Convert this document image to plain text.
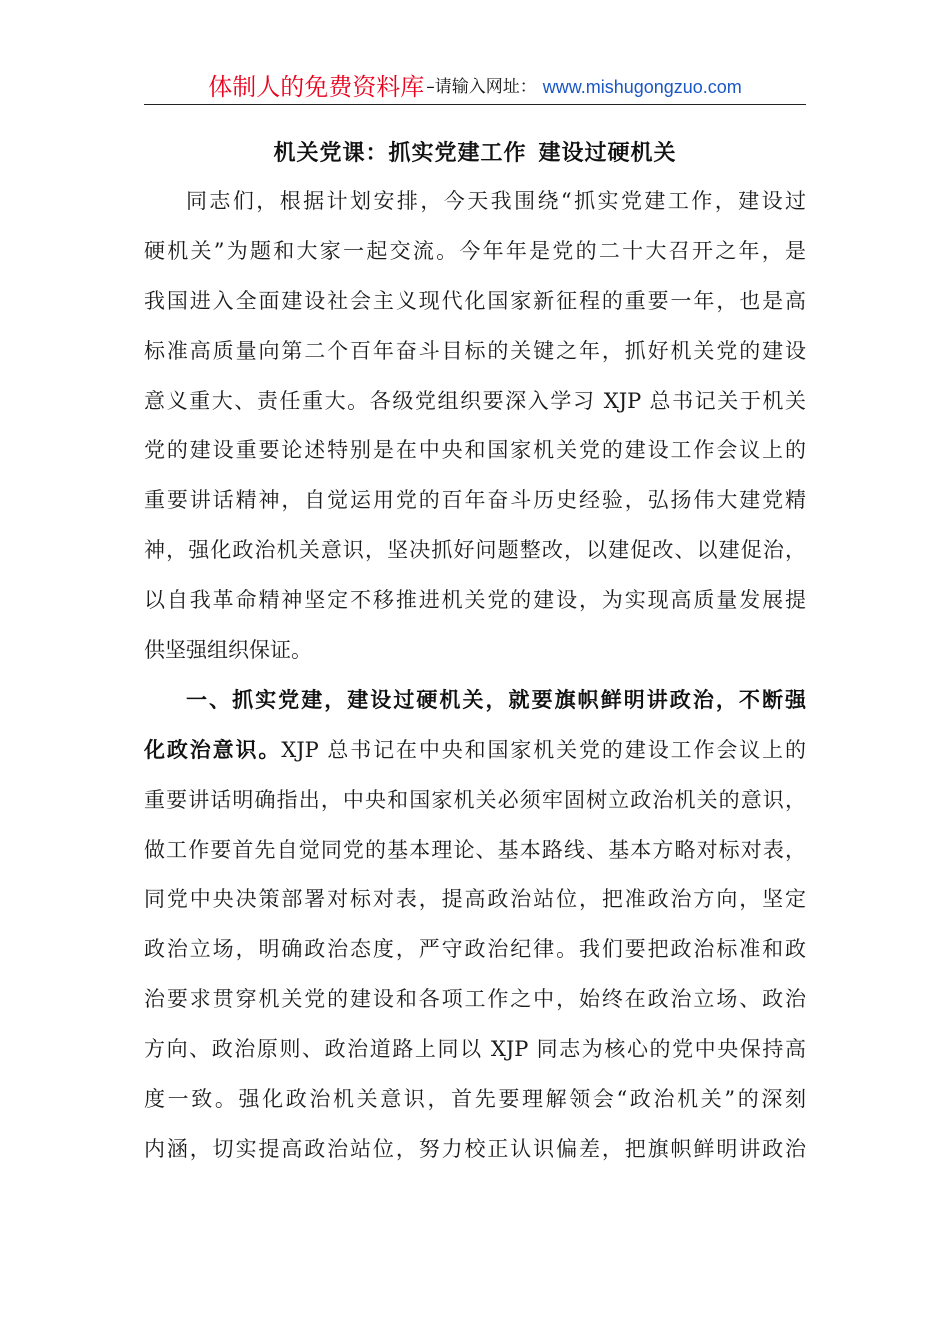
体制人的免费资料库 –请输入网址： www.mishugongzuo.com
机关党课：抓实党建工作 建设过硬机关
同志们，根据计划安排，今天我围绕“抓实党建工作，建设过
硬机关”为题和大家一起交流。今年年是党的二十大召开之年，是
我国进入全面建设社会主义现代化国家新征程的重要一年，也是高
标准高质量向第二个百年奋斗目标的关键之年，抓好机关党的建设
意义重大、责任重大。各级党组织要深入学习 XJP 总书记关于机关
党的建设重要论述特别是在中央和国家机关党的建设工作会议上的
重要讲话精神，自觉运用党的百年奋斗历史经验，弘扬伟大建党精
神，强化政治机关意识，坚决抓好问题整改，以建促改、以建促治，
以自我革命精神坚定不移推进机关党的建设，为实现高质量发展提
供坚强组织保证。
一、抓实党建，建设过硬机关，就要旗帜鲜明讲政治，不断强
化政治意识。XJP 总书记在中央和国家机关党的建设工作会议上的
重要讲话明确指出，中央和国家机关必须牢固树立政治机关的意识，
做工作要首先自觉同党的基本理论、基本路线、基本方略对标对表，
同党中央决策部署对标对表，提高政治站位，把准政治方向，坚定
政治立场，明确政治态度，严守政治纪律。我们要把政治标准和政
治要求贯穿机关党的建设和各项工作之中，始终在政治立场、政治
方向、政治原则、政治道路上同以 XJP 同志为核心的党中央保持高
度一致。强化政治机关意识，首先要理解领会“政治机关”的深刻
内涵，切实提高政治站位，努力校正认识偏差，把旗帜鲜明讲政治
